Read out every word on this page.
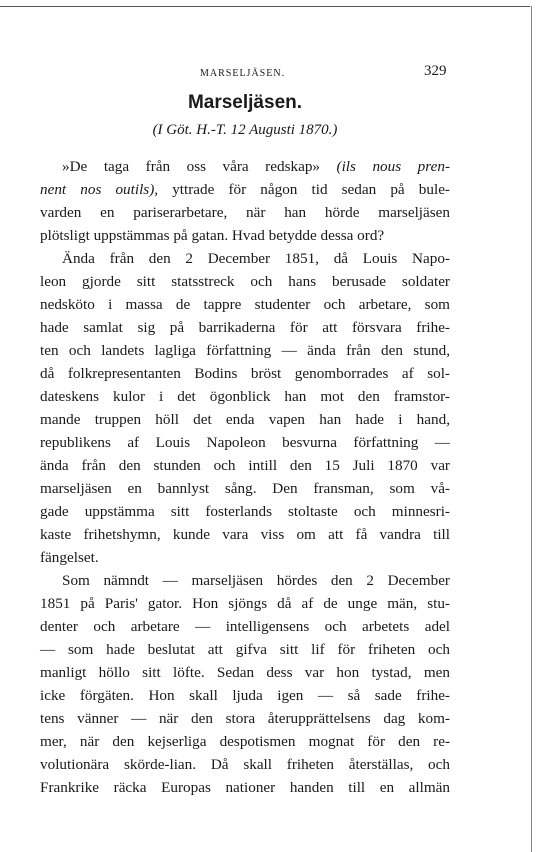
MARSELJÄSEN.	329
Marseljäsen.
(I Göt. H.-T. 12 Augusti 1870.)

»De taga från oss våra redskap» (ils nous pren-
nent nos outils), yttrade för någon tid sedan på bule-
varden en pariserarbetare, när han hörde marseljäsen
plötsligt uppstämmas på gatan. Hvad betydde dessa ord?

Ända från den 2 December 1851, då Louis Napo-
leon gjorde sitt statsstreck och hans berusade soldater
nedsköto i massa de tappre studenter och arbetare, som
hade samlat sig på barrikaderna för att försvara frihe-
ten och landets lagliga författning — ända från den stund,
då folkrepresentanten Bodins bröst genomborrades af sol-
dateskens kulor i det ögonblick han mot den framstor-
mande truppen höll det enda vapen han hade i hand,
republikens af Louis Napoleon besvurna författning —
ända från den stunden och intill den 15 Juli 1870 var
marseljäsen en bannlyst sång. Den fransman, som vå-
gade uppstämma sitt fosterlands stoltaste och minnesri-
kaste frihetshymn, kunde vara viss om att få vandra till
fängelset.

Som nämndt — marseljäsen hördes den 2 December
1851 på Paris' gator. Hon sjöngs då af de unge män, stu-
denter och arbetare — intelligensens och arbetets adel
— som hade beslutat att gifva sitt lif för friheten och
manligt höllo sitt löfte. Sedan dess var hon tystad, men
icke förgäten. Hon skall ljuda igen — så sade frihe-
tens vänner — när den stora återupprättelsens dag kom-
mer, när den kejserliga despotismen mognat för den re-
volutionära skörde-lian. Då skall friheten återställas, och
Frankrike räcka Europas nationer handen till en allmän
